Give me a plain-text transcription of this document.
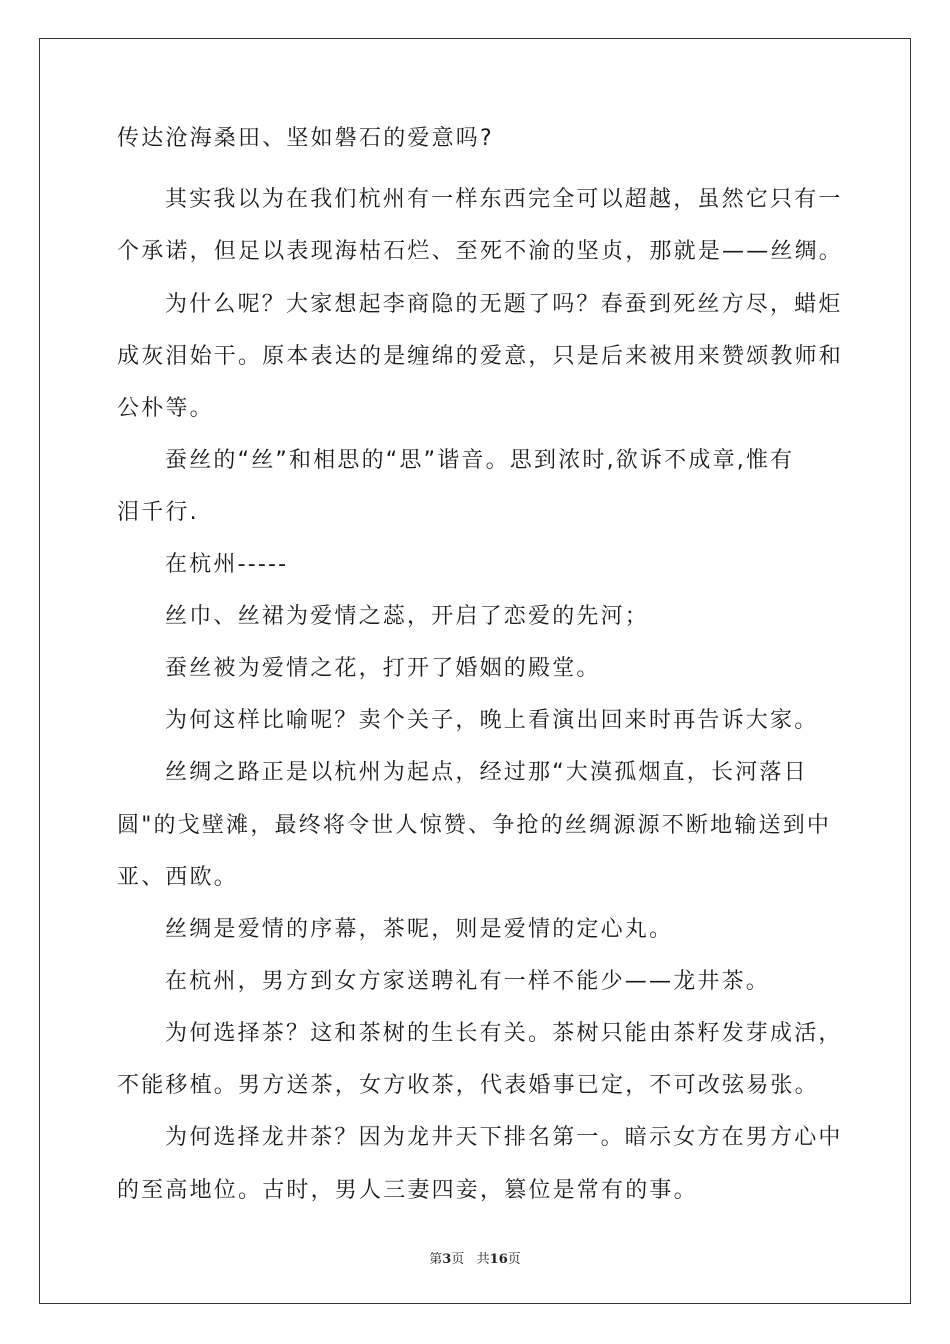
传达沧海桑田、坚如磐石的爱意吗?
其实我以为在我们杭州有一样东西完全可以超越，虽然它只有一
个承诺，但足以表现海枯石烂、至死不渝的坚贞，那就是——丝绸。
为什么呢？大家想起李商隐的无题了吗？春蚕到死丝方尽，蜡炬
成灰泪始干。原本表达的是缠绵的爱意，只是后来被用来赞颂教师和
公朴等。
蚕丝的“丝”和相思的“思”谐音。思到浓时,欲诉不成章,惟有
泪千行.
在杭州-----
丝巾、丝裙为爱情之蕊，开启了恋爱的先河；
蚕丝被为爱情之花，打开了婚姻的殿堂。
为何这样比喻呢？卖个关子，晚上看演出回来时再告诉大家。
丝绸之路正是以杭州为起点，经过那“大漠孤烟直，长河落日
圆"的戈壁滩，最终将令世人惊赞、争抢的丝绸源源不断地输送到中
亚、西欧。
丝绸是爱情的序幕，茶呢，则是爱情的定心丸。
在杭州，男方到女方家送聘礼有一样不能少——龙井茶。
为何选择茶？这和茶树的生长有关。茶树只能由茶籽发芽成活，
不能移植。男方送茶，女方收茶，代表婚事已定，不可改弦易张。
为何选择龙井茶？因为龙井天下排名第一。暗示女方在男方心中
的至高地位。古时，男人三妻四妾，篡位是常有的事。
第3页   共16页
